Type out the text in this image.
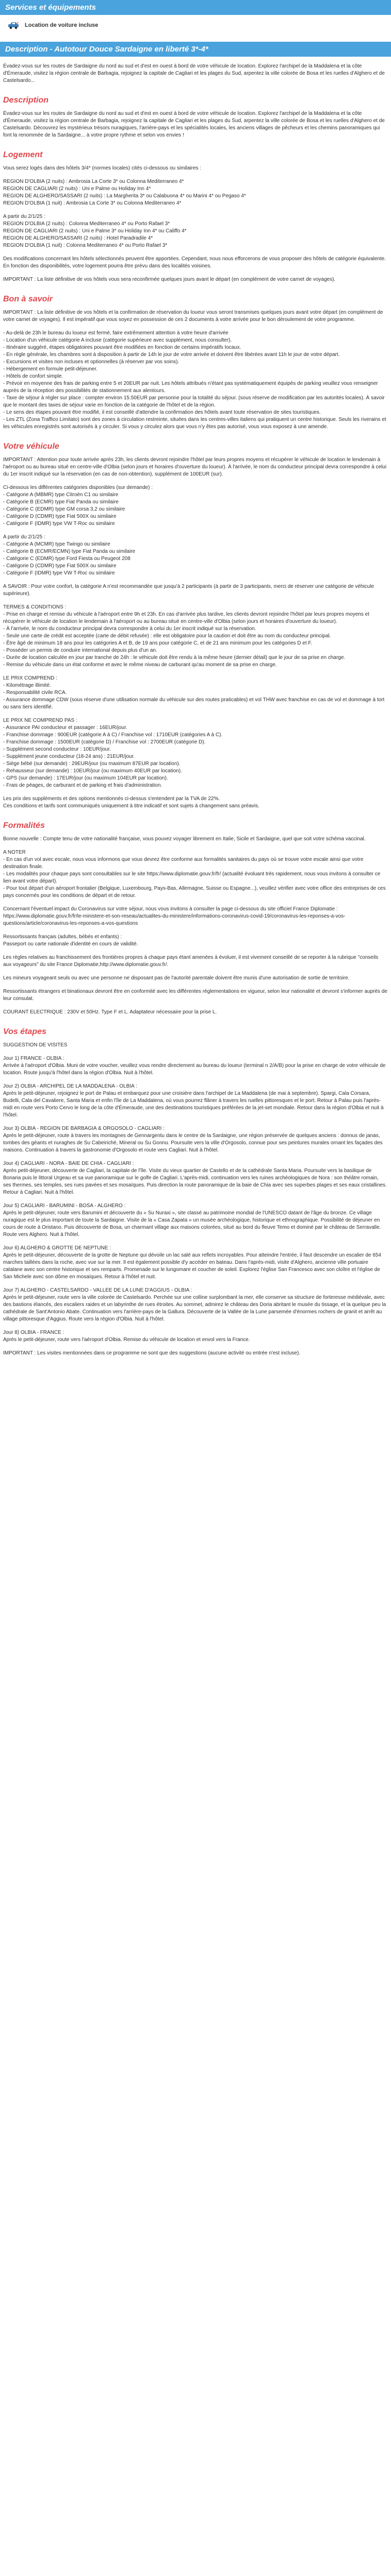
Services et équipements
€ Location de voiture incluse
Description - Autotour Douce Sardaigne en liberté 3*-4*

Évadez-vous sur les routes de Sardaigne du nord au sud et d'est en ouest à bord de votre véhicule de location. Explorez l'archipel de la Maddalena et la côte d'Émeraude, visitez la région centrale de Barbagia, rejoignez la capitale de Cagliari et les plages du Sud, arpentez la ville colorée de Bosa et les ruelles d'Alghero et de Castelsardo...

Description

Évadez-vous sur les routes de Sardaigne du nord au sud et d'est en ouest à bord de votre véhicule de location. Explorez l'archipel de la Maddalena et la côte d'Émeraude, visitez la région centrale de Barbagia, rejoignez la capitale de Cagliari et les plages du Sud, arpentez la ville colorée de Bosa et les ruelles d'Alghero et de Castelsardo. Découvrez les mystérieux trésors nuragiques, l'arrière-pays et les spécialités locales, les anciens villages de pêcheurs et les chemins panoramiques qui font la renommée de la Sardaigne... à votre propre rythme et selon vos envies !

Logement

Vous serez logés dans des hôtels 3/4* (normes locales) cités ci-dessous ou similaires :

REGION D'OLBIA (2 nuits) : Ambrosia La Corte 3* ou Colonna Mediterraneo 4*
REGION DE CAGLIARI (2 nuits) : Uni e Palme ou Holiday Inn 4*
REGION DE ALGHERO/SASSARI (2 nuits) : La Margherita 3* ou Calabuona 4* ou Marini 4* ou Pegaso 4*
REGION D'OLBIA (1 nuit) : Ambrosia La Corte 3* ou Colonna Mediterraneo 4*

A partir du 2/1/25 :
REGION D'OLBIA (2 nuits) : Colonna Mediterraneo 4* ou Porto Rafael 3*
REGION DE CAGLIARI (2 nuits) : Uni e Palme 3* ou Holiday Inn 4* ou Califfo 4*
REGION DE ALGHERO/SASSARI (2 nuits) : Hotel Paradradile 4*
REGION D'OLBIA (1 nuit) : Colonna Mediterraneo 4* ou Porto Rafael 3*

Des modifications concernant les hôtels sélectionnés peuvent être apportées. Cependant, nous nous efforcerons de vous proposer des hôtels de catégorie équivalente. En fonction des disponibilités, votre logement pourra être prévu dans des localités voisines.

IMPORTANT : La liste définitive de vos hôtels vous sera reconfirmée quelques jours avant le départ (en complément de votre carnet de voyages).

Bon à savoir

IMPORTANT : La liste définitive de vos hôtels et la confirmation de réservation du loueur vous seront transmises quelques jours avant votre départ (en complément de votre carnet de voyages). Il est impératif que vous soyez en possession de ces 2 documents à votre arrivée pour le bon déroulement de votre programme.

- Au-delà de 23h le bureau du loueur est fermé, faire extrêmement attention à votre heure d'arrivée
- Location d'un véhicule catégorie A incluse (catégorie supérieure avec supplément, nous consulter).
- Itinéraire suggéré, étapes obligatoires pouvant être modifiées en fonction de certains impératifs locaux.
- En règle générale, les chambres sont à disposition à partir de 14h le jour de votre arrivée et doivent être libérées avant 11h le jour de votre départ.
- Excursions et visites non incluses et optionnelles (à réserver par vos soins).
- Hébergement en formule petit-déjeuner.
- Hôtels de confort simple.
- Prévoir en moyenne des frais de parking entre 5 et 20EUR par nuit. Les hôtels attribués n'étant pas systématiquement équipés de parking veuillez vous renseigner auprès de la réception des possibilités de stationnement aux alentours.
- Taxe de séjour à régler sur place : compter environ 15.50EUR par personne pour la totalité du séjour. (sous réserve de modification par les autorités locales). À savoir que le montant des taxes de séjour varie en fonction de la catégorie de l'hôtel et de la région.
- Le sens des étapes pouvant être modifié, il est conseillé d'attendre la confirmation des hôtels avant toute réservation de sites touristiques.
- Les ZTL (Zona Traffico Limitato) sont des zones à circulation restreinte, situées dans les centres-villes italiens qui pratiquent un centre historique. Seuls les riverains et les véhicules enregistrés sont autorisés à y circuler. Si vous y circulez alors que vous n'y êtes pas autorisé, vous vous exposez à une amende.

Votre véhicule

IMPORTANT : Attention pour toute arrivée après 23h, les clients devront rejoindre l'hôtel par leurs propres moyens et récupérer le véhicule de location le lendemain à l'aéroport ou au bureau situé en centre-ville d'Olbia (selon jours et horaires d'ouverture du loueur). À l'arrivée, le nom du conducteur principal devra correspondre à celui du 1er inscrit indiqué sur la réservation (en cas de non-obtention), supplément de 100EUR (sur).

Ci-dessous les différentes catégories disponibles (sur demande) :
- Catégorie A (MBMR) type Citroën C1 ou similaire
- Catégorie B (ECMR) type Fiat Panda ou similaire
- Catégorie C (EDMR) type GM corsa 3,2 ou similaire
- Catégorie D (CDMR) type Fiat 500X ou similaire
- Catégorie F (IDMR) type VW T-Roc ou similaire

A partir du 2/1/25 :
- Catégorie A (MCMR) type Twingo ou similaire
- Catégorie B (ECMR/ECMN) type Fiat Panda ou similaire
- Catégorie C (EDMR) type Ford Fiesta ou Peugeot 208
- Catégorie D (CDMR) type Fiat 500X ou similaire
- Catégorie F (IDMR) type VW T-Roc ou similaire

A SAVOIR : Pour votre confort, la catégorie A n'est recommandée que jusqu'à 2 participants (à partir de 3 participants, merci de réserver une catégorie de véhicule supérieure).

TERMES & CONDITIONS :
- Prise en charge et remise du véhicule à l'aéroport entre 9h et 23h. En cas d'arrivée plus tardive, les clients devront rejoindre l'hôtel par leurs propres moyens et récupérer le véhicule de location le lendemain à l'aéroport ou au bureau situé en centre-ville d'Olbia (selon jours et horaires d'ouverture du loueur).
- À l'arrivée, le nom du conducteur principal devra correspondre à celui du 1er inscrit indiqué sur la réservation.
- Seule une carte de crédit est acceptée (carte de débit refusée) : elle est obligatoire pour la caution et doit être au nom du conducteur principal.
- Être âgé de minimum 18 ans pour les catégories A et B, de 19 ans pour catégorie C, et de 21 ans minimum pour les catégories D et F.
- Posséder un permis de conduire international depuis plus d'un an.
- Durée de location calculée en jour par tranche de 24h : le véhicule doit être rendu à la même heure (dernier détail) que le jour de sa prise en charge.
- Remise du véhicule dans un état conforme et avec le même niveau de carburant qu'au moment de sa prise en charge.

LE PRIX COMPREND :
- Kilométrage illimité.
- Responsabilité civile RCA.
- Assurance dommage CDW (sous réserve d'une utilisation normale du véhicule sur des routes praticables) et vol THW avec franchise en cas de vol et dommage à tort ou sans tiers identifié.

LE PRIX NE COMPREND PAS :
- Assurance PAI conducteur et passager : 16EUR/jour.
- Franchise dommage : 900EUR (catégorie A à C) / Franchise vol : 1710EUR (catégories A à C).
- Franchise dommage : 1500EUR (catégorie D) / Franchise vol : 2700EUR (catégorie D).
- Supplément second conducteur : 10EUR/jour.
- Supplément jeune conducteur (18-24 ans) : 21EUR/jour.
- Siège bébé (sur demande) : 29EUR/jour (ou maximum 87EUR par location).
- Rehausseur (sur demande) : 10EUR/jour (ou maximum 40EUR par location).
- GPS (sur demande) : 17EUR/jour (ou maximum 104EUR par location).
- Frais de péages, de carburant et de parking et frais d'administration.

Les prix des suppléments et des options mentionnés ci-dessus s'entendent par la TVA de 22%.
Ces conditions et tarifs sont communiqués uniquement à titre indicatif et sont sujets à changement sans préavis.

Formalités

Bonne nouvelle : Compte tenu de votre nationalité française, vous pouvez voyager librement en Italie, Sicile et Sardaigne, quel que soit votre schéma vaccinal.

A NOTER
- En cas d'un vol avec escale, nous vous informons que vous devrez être conforme aux formalités sanitaires du pays où se trouve votre escale ainsi que votre destination finale.
- Les modalités pour chaque pays sont consultables sur le site https://www.diplomatie.gouv.fr/fr/ (actualité évoluant très rapidement, nous vous invitons à consulter ce lien avant votre départ).
- Pour tout départ d'un aéroport frontalier (Belgique, Luxembourg, Pays-Bas, Allemagne, Suisse ou Espagne...), veuillez vérifier avec votre office des entreprises de ces pays concernés pour les conditions de départ et de retour.

Concernant l'éventuel impact du Coronavirus sur votre séjour, nous vous invitons à consulter la page ci-dessous du site officiel France Diplomatie :
https://www.diplomatie.gouv.fr/fr/le-ministere-et-son-reseau/actualites-du-ministere/informations-coronavirus-covid-19/coronavirus-les-reponses-a-vos-questions/article/coronavirus-les-reponses-a-vos-questions

Ressortissants français (adultes, bébés et enfants) :
Passeport ou carte nationale d'identité en cours de validité.

Les règles relatives au franchissement des frontières propres à chaque pays étant amenées à évoluer, il est vivement conseillé de se reporter à la rubrique "conseils aux voyageurs" du site France Diplomatie,http://www.diplomatie.gouv.fr/.

Les mineurs voyageant seuls ou avec une personne ne disposant pas de l'autorité parentale doivent être munis d'une autorisation de sortie de territoire.

Ressortissants étrangers et binationaux devront être en conformité avec les différentes réglementations en vigueur, selon leur nationalité et devront s'informer auprès de leur consulat.

COURANT ELECTRIQUE : 230V et 50Hz. Type F et L. Adaptateur nécessaire pour la prise L.

Vos étapes

SUGGESTION DE VISITES

Jour 1) FRANCE - OLBIA :
Arrivée à l'aéroport d'Olbia. Muni de votre voucher, veuillez vous rendre directement au bureau du loueur (terminal n 2/A/B) pour la prise en charge de votre véhicule de location. Route jusqu'à l'hôtel dans la région d'Olbia. Nuit à l'hôtel.

Jour 2) OLBIA - ARCHIPEL DE LA MADDALENA - OLBIA :
Après le petit-déjeuner, rejoignez le port de Palau et embarquez pour une croisière dans l'archipel de La Maddalena (de mai à septembre). Spargi, Cala Corsara, Budelli, Cala del Cavaliere, Santa Maria et enfin l'île de La Maddalena, où vous pourrez flâner à travers les ruelles pittoresques et le port. Retour à Palau puis l'après-midi en route vers Porto Cervo le long de la côte d'Émeraude, une des destinations touristiques préférées de la jet-set mondiale. Retour dans la région d'Olbia et nuit à l'hôtel.

Jour 3) OLBIA - REGION DE BARBAGIA & ORGOSOLO - CAGLIARI :
Après le petit-déjeuner, route à travers les montagnes de Gennargentu dans le centre de la Sardaigne, une région préservée de quelques anciens : donnus de janas, tombes des géants et nuraghes de Su Cabeirichè, Mineral ou Su Gonnu. Poursuite vers la ville d'Orgosolo, connue pour ses peintures murales ornant les façades des maisons. Continuation à travers la gastronomie d'Orgosolo et route vers Cagliari. Nuit à l'hôtel.

Jour 4) CAGLIARI - NORA - BAIE DE CHIA - CAGLIARI :
Après petit-déjeuner, découverte de Cagliari, la capitale de l'île. Visite du vieux quartier de Castello et de la cathédrale Santa Maria. Poursuite vers la basilique de Bonaria puis le littoral Urgeau et sa vue panoramique sur le golfe de Cagliari. L'après-midi, continuation vers les ruines archéologiques de Nora : son théâtre romain, ses thermes, ses temples, ses rues pavées et ses mosaïques. Puis direction la route panoramique de la baie de Chia avec ses superbes plages et ses eaux cristallines. Retour à Cagliari. Nuit à l'hôtel.

Jour 5) CAGLIARI - BARUMINI - BOSA - ALGHERO :
Après le petit-déjeuner, route vers Barumini et découverte du « Su Nuraxi », site classé au patrimoine mondial de l'UNESCO datant de l'âge du bronze. Ce village nuragique est le plus important de toute la Sardaigne. Visite de la « Casa Zapata » un musée archéologique, historique et ethnographique. Possibilité de déjeuner en cours de route à Oristano. Puis découverte de Bosa, un charmant village aux maisons colorées, situé au bord du fleuve Temo et dominé par le château de Serravalle. Route vers Alghero. Nuit à l'hôtel.

Jour 6) ALGHERO & GROTTE DE NEPTUNE :
Après le petit-déjeuner, découverte de la grotte de Neptune qui dévoile un lac salé aux reflets incroyables. Pour atteindre l'entrée, il faut descendre un escalier de 654 marches taillées dans la roche, avec vue sur la mer. Il est également possible d'y accéder en bateau. Dans l'après-midi, visite d'Alghero, ancienne ville portuaire catalane avec son centre historique et ses remparts. Promenade sur le lungomare et coucher de soleil. Explorez l'église San Francesco avec son cloître et l'église de San Michele avec son dôme en mosaïques. Retour à l'hôtel et nuit.

Jour 7) ALGHERO - CASTELSARDO - VALLEE DE LA LUNE D'AGGIUS - OLBIA :
Après le petit-déjeuner, route vers la ville colorée de Castelsardo. Perchée sur une colline surplombant la mer, elle conserve sa structure de forteresse médiévale, avec des bastions élancés, des escaliers raides et un labyrinthe de rues étroites. Au sommet, admirez le château des Doria abritant le musée du tissage, et la quelque peu la cathédrale de Sant'Antonio Abate. Continuation vers l'arrière-pays de la Gallura. Découverte de la Vallée de la Lune parsemée d'énormes rochers de granit et arrêt au village pittoresque d'Aggius. Route vers la région d'Olbia. Nuit à l'hôtel.

Jour 8) OLBIA - FRANCE :
Après le petit-déjeuner, route vers l'aéroport d'Olbia. Remise du véhicule de location et envol vers la France.

IMPORTANT : Les visites mentionnées dans ce programme ne sont que des suggestions (aucune activité ou entrée n'est incluse).
